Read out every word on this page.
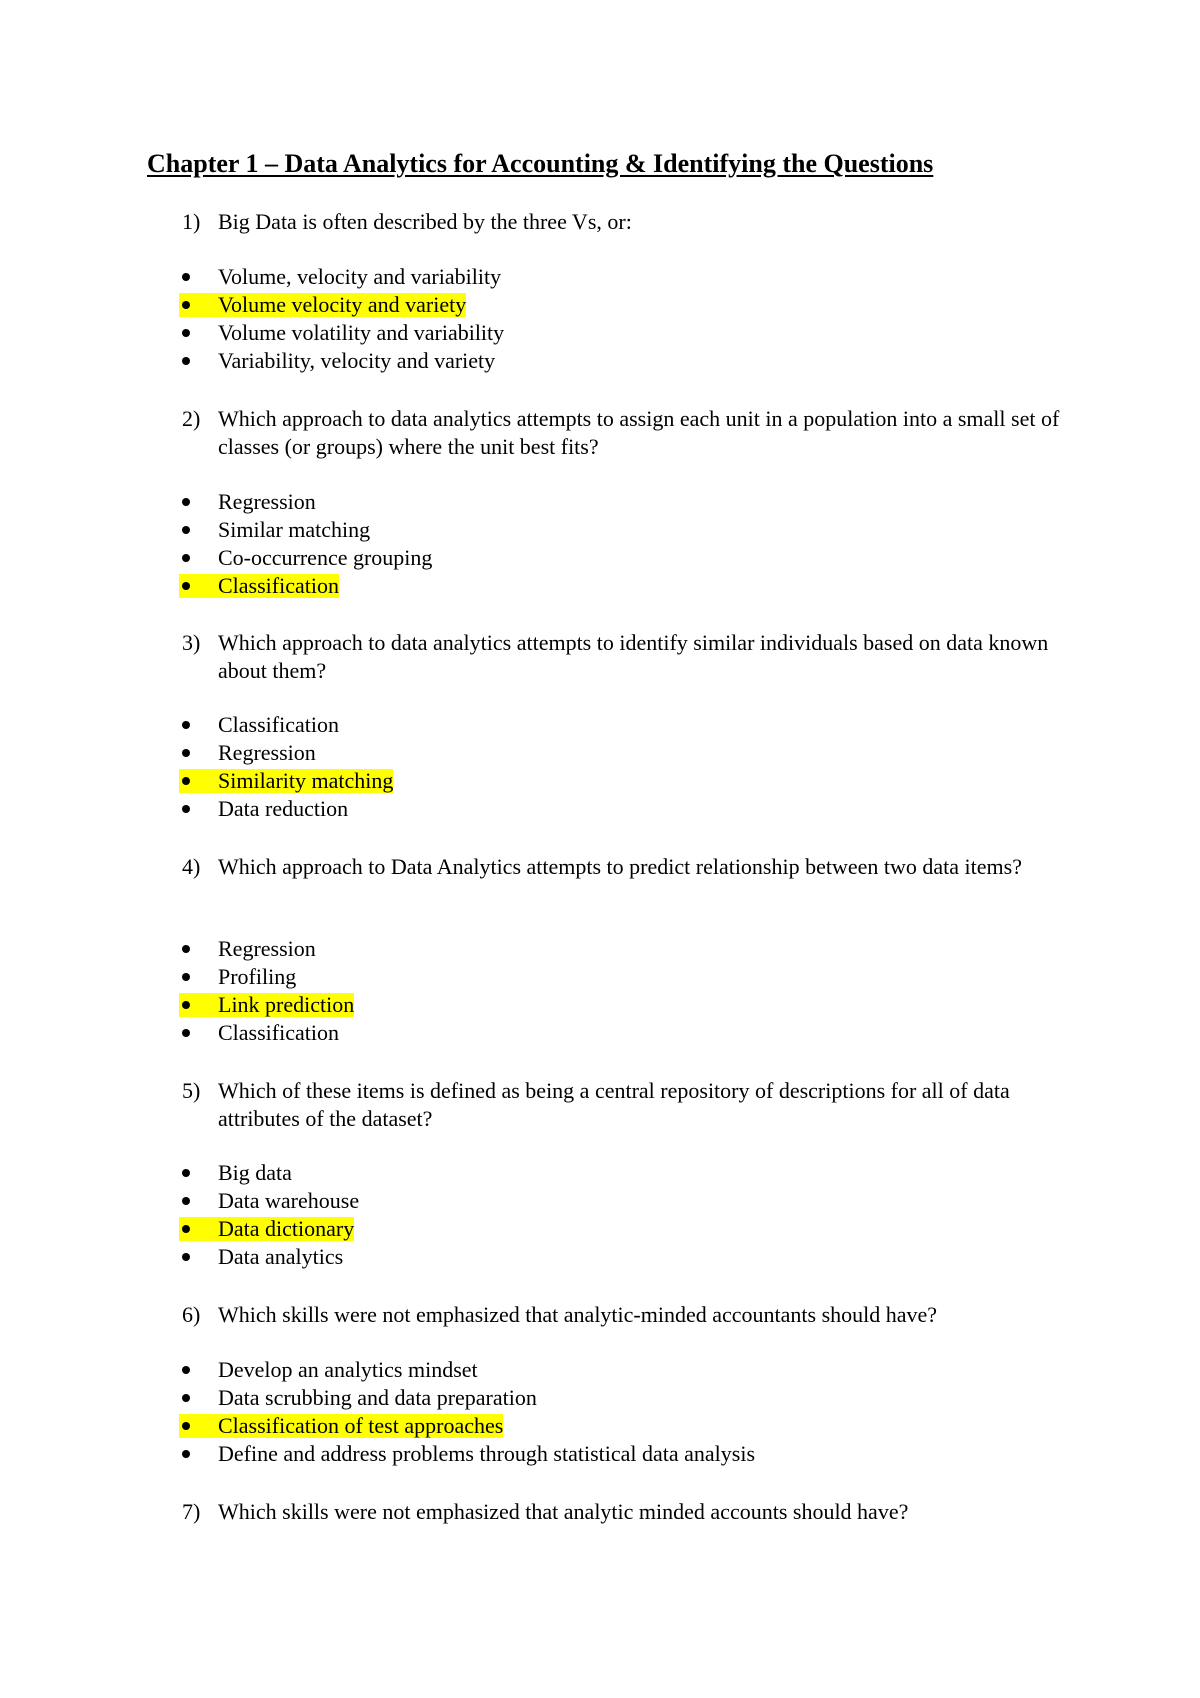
Chapter 1 – Data Analytics for Accounting & Identifying the Questions
1) Big Data is often described by the three Vs, or:
Volume, velocity and variability
Volume velocity and variety
Volume volatility and variability
Variability, velocity and variety
2) Which approach to data analytics attempts to assign each unit in a population into a small set of classes (or groups) where the unit best fits?
Regression
Similar matching
Co-occurrence grouping
Classification
3) Which approach to data analytics attempts to identify similar individuals based on data known about them?
Classification
Regression
Similarity matching
Data reduction
4) Which approach to Data Analytics attempts to predict relationship between two data items?
Regression
Profiling
Link prediction
Classification
5) Which of these items is defined as being a central repository of descriptions for all of data attributes of the dataset?
Big data
Data warehouse
Data dictionary
Data analytics
6) Which skills were not emphasized that analytic-minded accountants should have?
Develop an analytics mindset
Data scrubbing and data preparation
Classification of test approaches
Define and address problems through statistical data analysis
7) Which skills were not emphasized that analytic minded accounts should have?
